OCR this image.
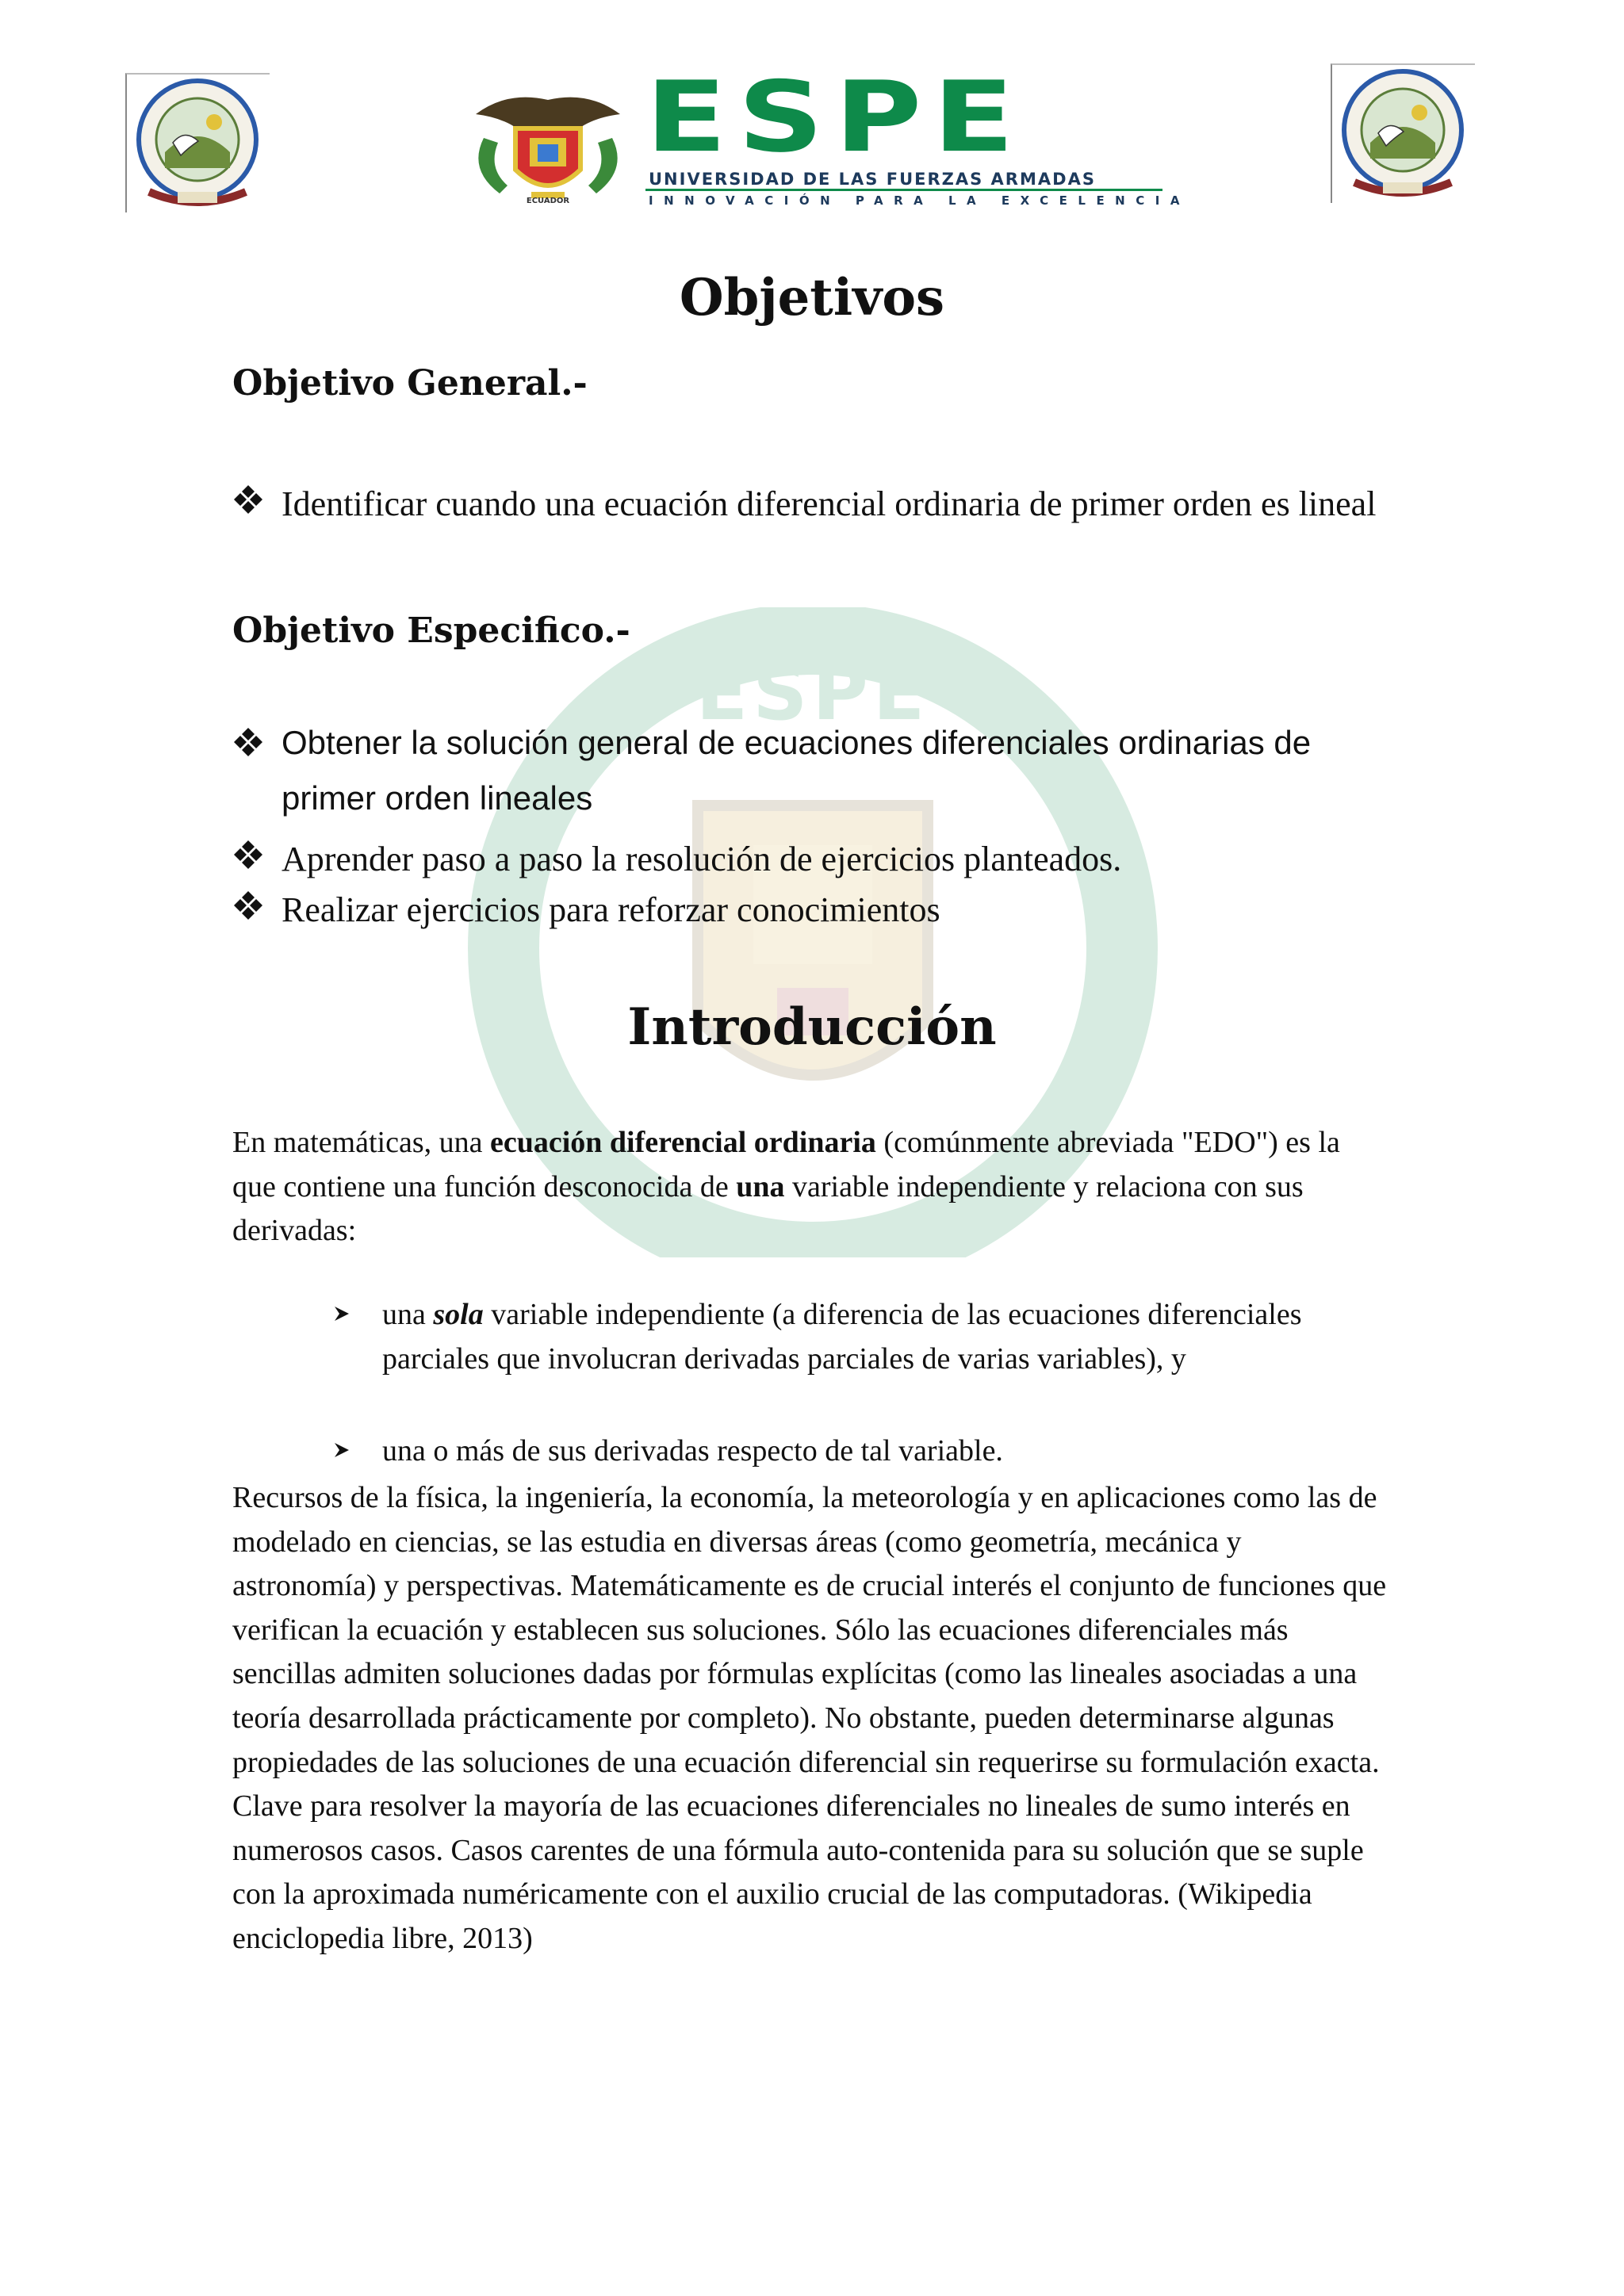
ECUADOR
ESPE
UNIVERSIDAD DE LAS FUERZAS ARMADAS
INNOVACIÓN PARA LA EXCELENCIA
ESPE
Objetivos
Objetivo General.-
Identificar cuando una ecuación diferencial ordinaria de primer orden es lineal
Objetivo Especifico.-
Obtener la solución general de ecuaciones diferenciales ordinarias de primer orden lineales
Aprender paso a paso la resolución de ejercicios planteados.
Realizar ejercicios para reforzar conocimientos
Introducción

En matemáticas, una ecuación diferencial ordinaria (comúnmente abreviada "EDO") es la que contiene una función desconocida de una variable independiente y relaciona con sus derivadas:

una sola variable independiente (a diferencia de las ecuaciones diferenciales parciales que involucran derivadas parciales de varias variables), y
una o más de sus derivadas respecto de tal variable.

Recursos de la física, la ingeniería, la economía, la meteorología y en aplicaciones como las de modelado en ciencias, se las estudia en diversas áreas (como geometría, mecánica y astronomía) y perspectivas. Matemáticamente es de crucial interés el conjunto de funciones que verifican la ecuación y establecen sus soluciones. Sólo las ecuaciones diferenciales más sencillas admiten soluciones dadas por fórmulas explícitas (como las lineales asociadas a una teoría desarrollada prácticamente por completo). No obstante, pueden determinarse algunas propiedades de las soluciones de una ecuación diferencial sin requerirse su formulación exacta. Clave para resolver la mayoría de las ecuaciones diferenciales no lineales de sumo interés en numerosos casos. Casos carentes de una fórmula auto-contenida para su solución que se suple con la aproximada numéricamente con el auxilio crucial de las computadoras. (Wikipedia enciclopedia libre, 2013)
